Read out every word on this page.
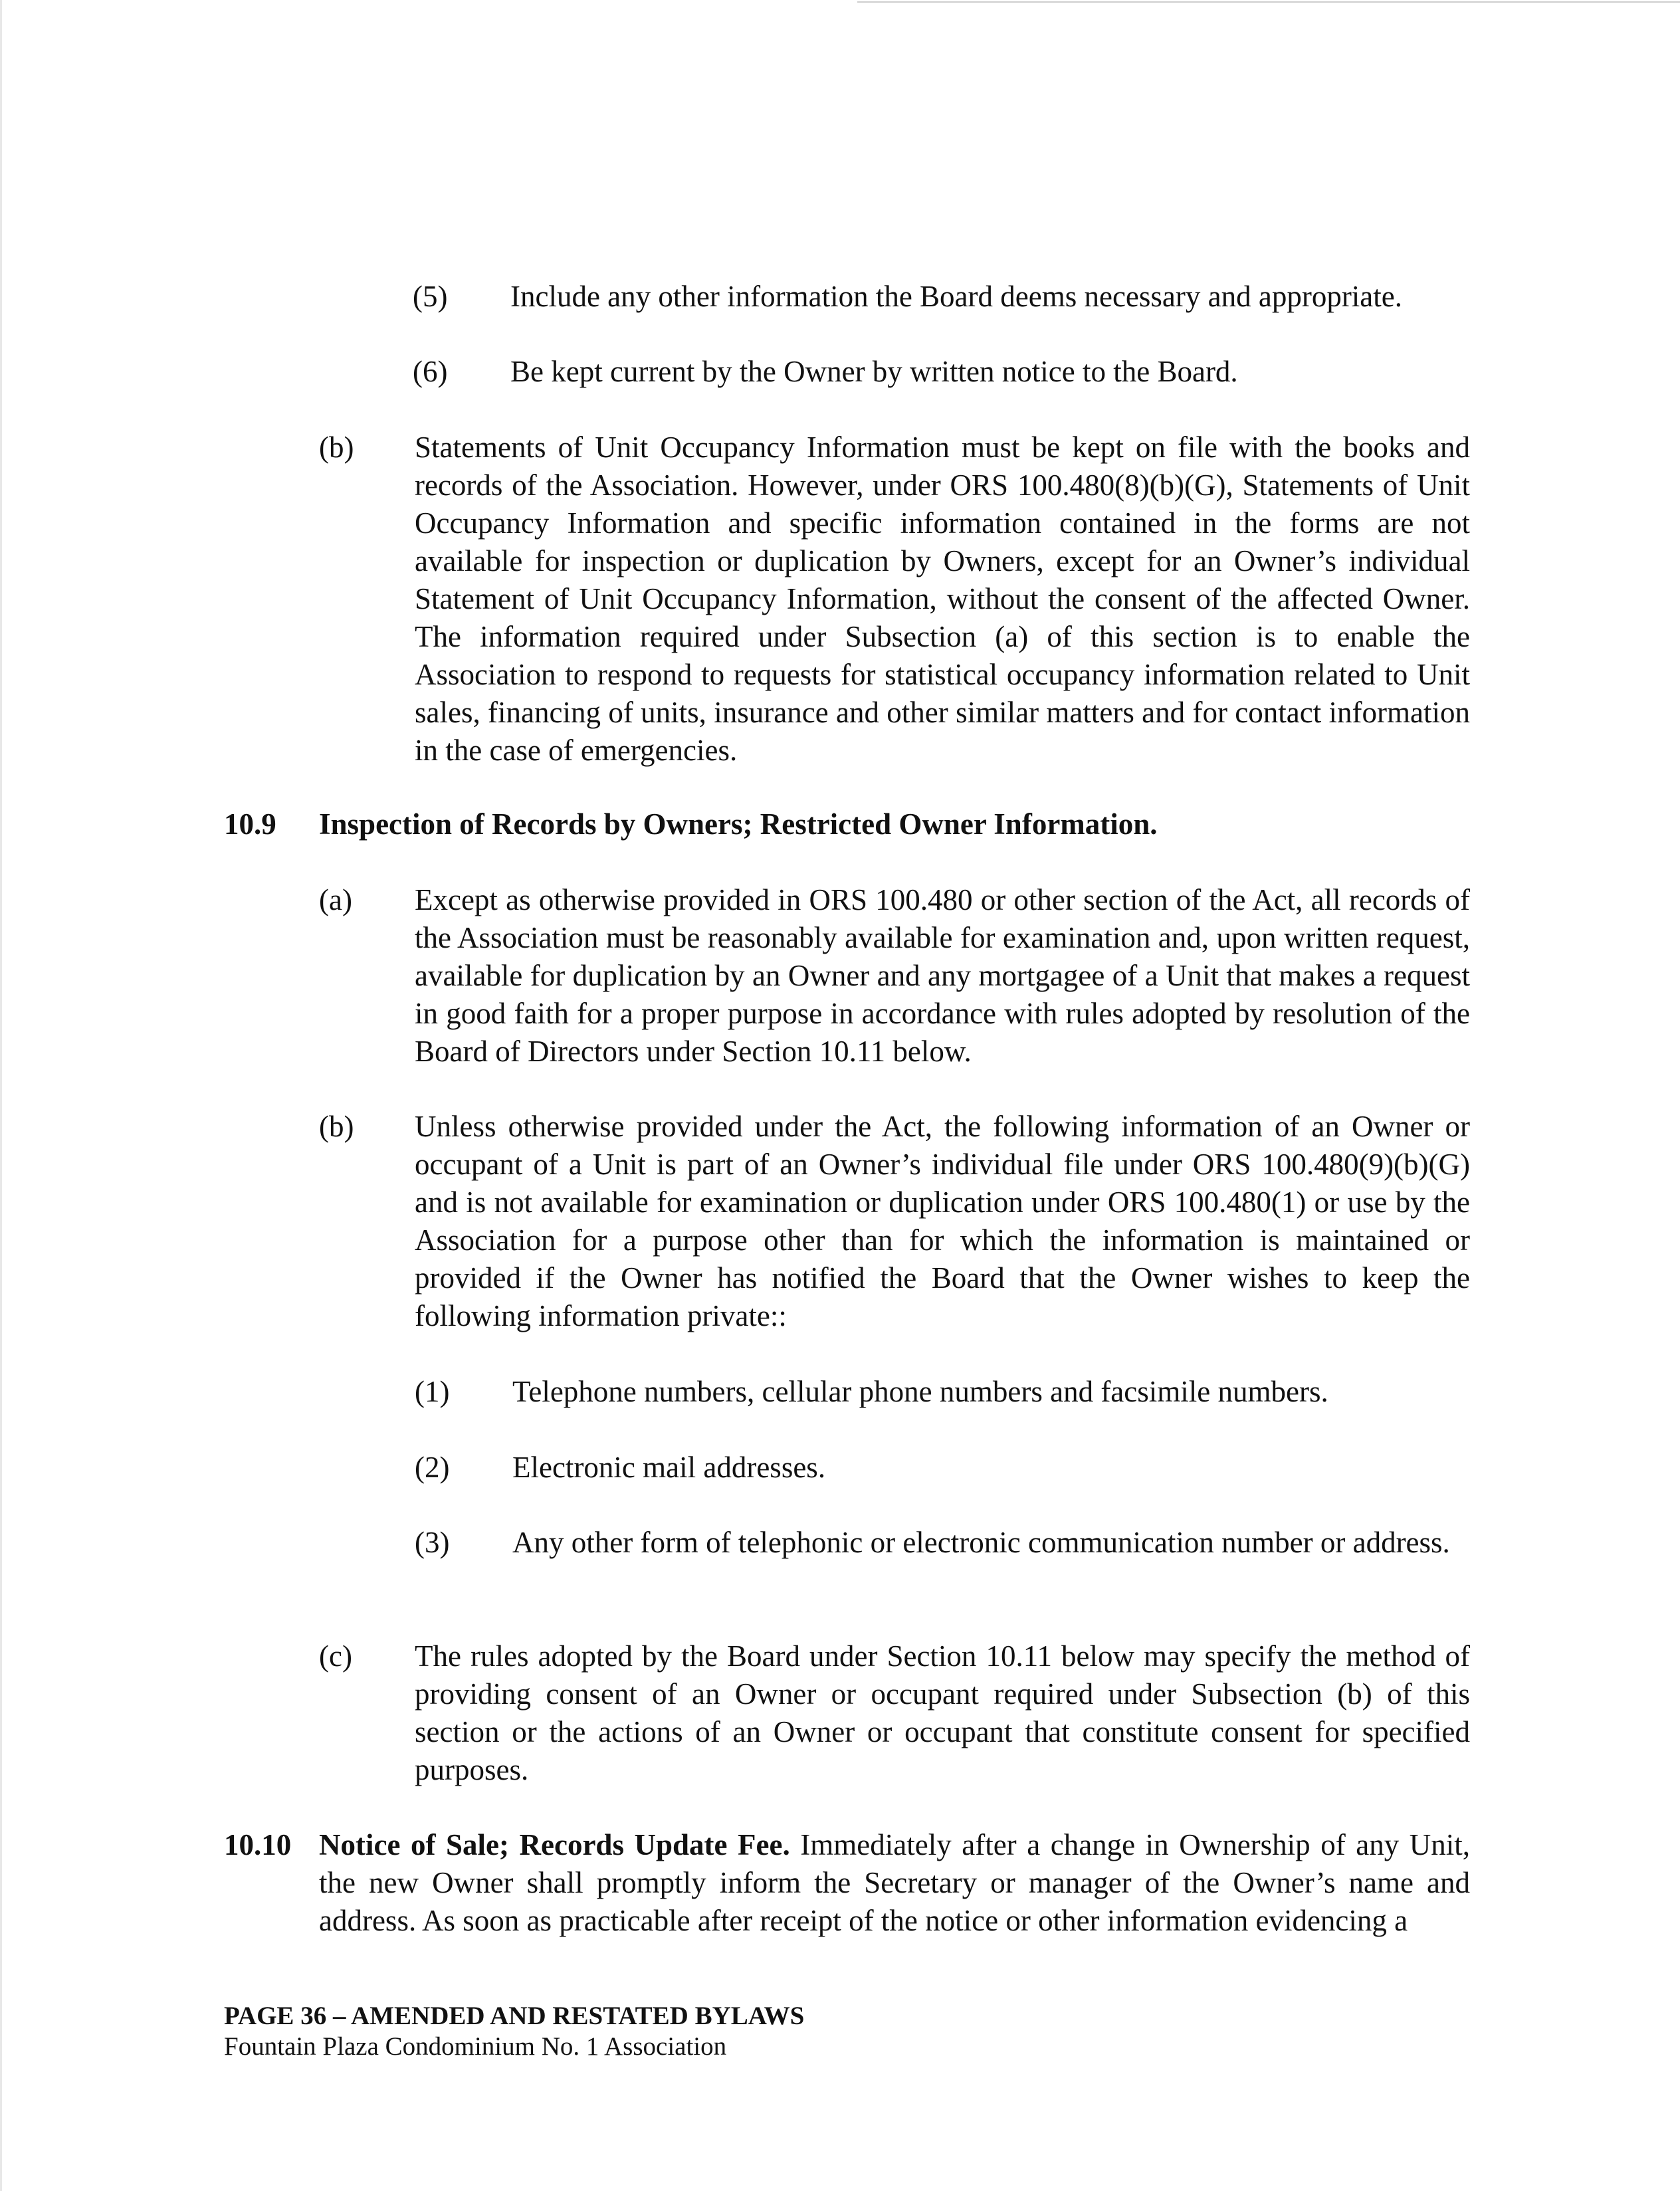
(5) Include any other information the Board deems necessary and appropriate.

(6) Be kept current by the Owner by written notice to the Board.

(b) Statements of Unit Occupancy Information must be kept on file with the books and records of the Association. However, under ORS 100.480(8)(b)(G), Statements of Unit Occupancy Information and specific information contained in the forms are not available for inspection or duplication by Owners, except for an Owner’s individual Statement of Unit Occupancy Information, without the consent of the affected Owner. The information required under Subsection (a) of this section is to enable the Association to respond to requests for statistical occupancy information related to Unit sales, financing of units, insurance and other similar matters and for contact information in the case of emergencies.

10.9 Inspection of Records by Owners; Restricted Owner Information.

(a) Except as otherwise provided in ORS 100.480 or other section of the Act, all records of the Association must be reasonably available for examination and, upon written request, available for duplication by an Owner and any mortgagee of a Unit that makes a request in good faith for a proper purpose in accordance with rules adopted by resolution of the Board of Directors under Section 10.11 below.

(b) Unless otherwise provided under the Act, the following information of an Owner or occupant of a Unit is part of an Owner’s individual file under ORS 100.480(9)(b)(G) and is not available for examination or duplication under ORS 100.480(1) or use by the Association for a purpose other than for which the information is maintained or provided if the Owner has notified the Board that the Owner wishes to keep the following information private::

(1) Telephone numbers, cellular phone numbers and facsimile numbers.

(2) Electronic mail addresses.

(3) Any other form of telephonic or electronic communication number or address.

(c) The rules adopted by the Board under Section 10.11 below may specify the method of providing consent of an Owner or occupant required under Subsection (b) of this section or the actions of an Owner or occupant that constitute consent for specified purposes.

10.10 Notice of Sale; Records Update Fee. Immediately after a change in Ownership of any Unit, the new Owner shall promptly inform the Secretary or manager of the Owner’s name and address. As soon as practicable after receipt of the notice or other information evidencing a

PAGE 36 – AMENDED AND RESTATED BYLAWS

Fountain Plaza Condominium No. 1 Association
